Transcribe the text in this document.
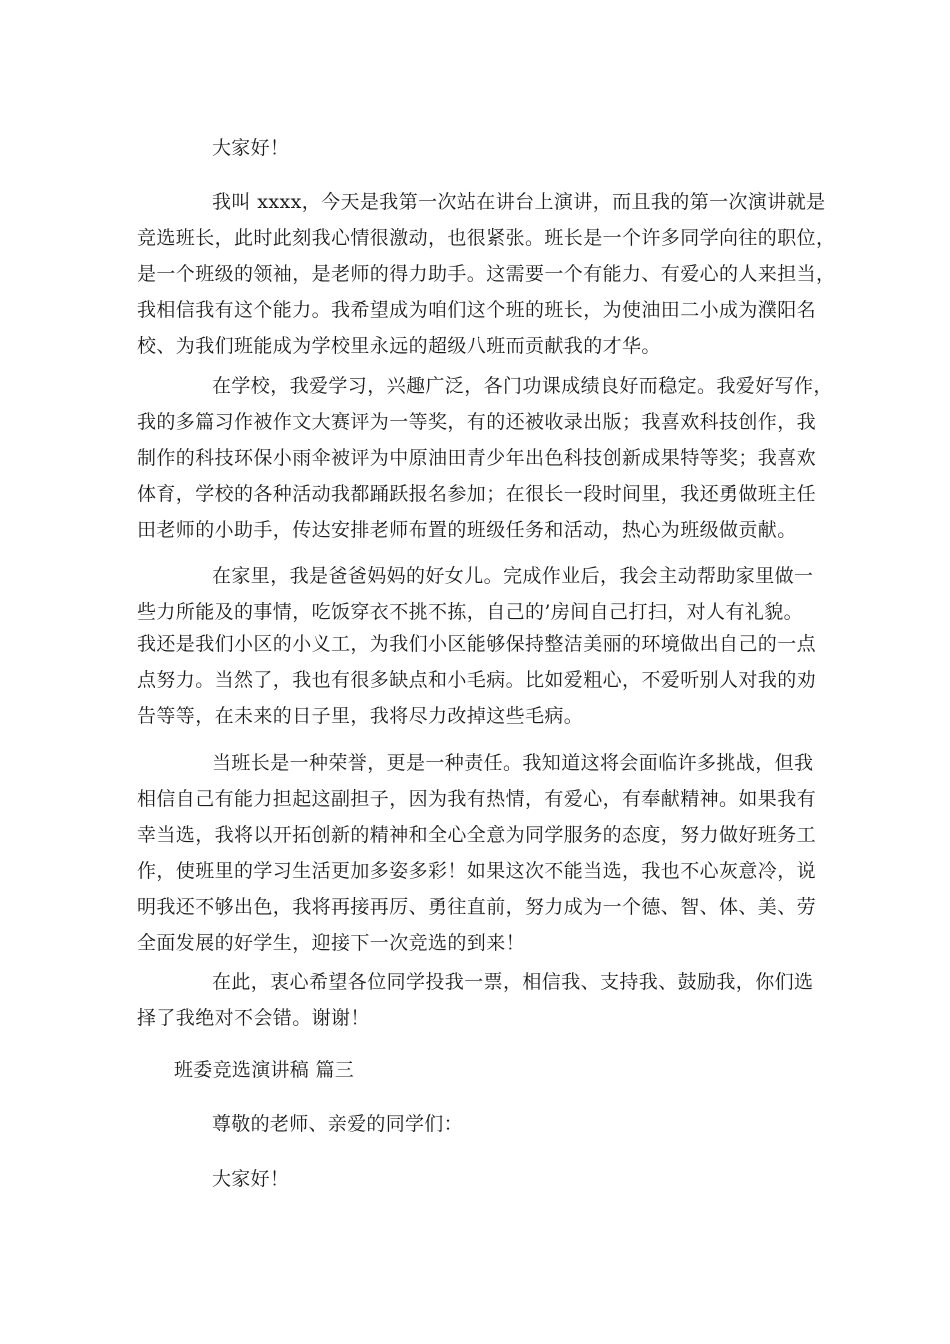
大家好！
我叫 xxxx，今天是我第一次站在讲台上演讲，而且我的第一次演讲就是
竞选班长，此时此刻我心情很激动，也很紧张。班长是一个许多同学向往的职位，
是一个班级的领袖，是老师的得力助手。这需要一个有能力、有爱心的人来担当，
我相信我有这个能力。我希望成为咱们这个班的班长，为使油田二小成为濮阳名
校、为我们班能成为学校里永远的超级八班而贡献我的才华。
在学校，我爱学习，兴趣广泛，各门功课成绩良好而稳定。我爱好写作，
我的多篇习作被作文大赛评为一等奖，有的还被收录出版；我喜欢科技创作，我
制作的科技环保小雨伞被评为中原油田青少年出色科技创新成果特等奖；我喜欢
体育，学校的各种活动我都踊跃报名参加；在很长一段时间里，我还勇做班主任
田老师的小助手，传达安排老师布置的班级任务和活动，热心为班级做贡献。
在家里，我是爸爸妈妈的好女儿。完成作业后，我会主动帮助家里做一
些力所能及的事情，吃饭穿衣不挑不拣，自己的’房间自己打扫，对人有礼貌。
我还是我们小区的小义工，为我们小区能够保持整洁美丽的环境做出自己的一点
点努力。当然了，我也有很多缺点和小毛病。比如爱粗心，不爱听别人对我的劝
告等等，在未来的日子里，我将尽力改掉这些毛病。
当班长是一种荣誉，更是一种责任。我知道这将会面临许多挑战，但我
相信自己有能力担起这副担子，因为我有热情，有爱心，有奉献精神。如果我有
幸当选，我将以开拓创新的精神和全心全意为同学服务的态度，努力做好班务工
作，使班里的学习生活更加多姿多彩！如果这次不能当选，我也不心灰意冷，说
明我还不够出色，我将再接再厉、勇往直前，努力成为一个德、智、体、美、劳
全面发展的好学生，迎接下一次竞选的到来！
在此，衷心希望各位同学投我一票，相信我、支持我、鼓励我，你们选
择了我绝对不会错。谢谢！
班委竞选演讲稿 篇三
尊敬的老师、亲爱的同学们：
大家好！
